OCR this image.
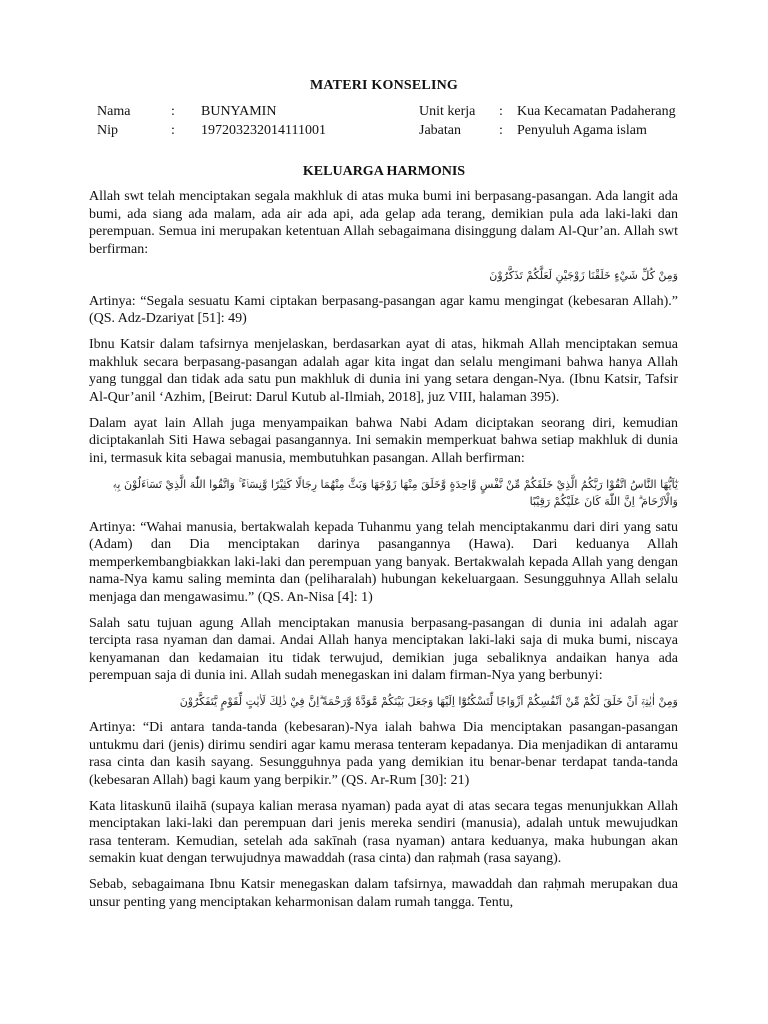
MATERI KONSELING
Nama	: BUNYAMIN	Unit kerja : Kua Kecamatan Padaherang
Nip	: 197203232014111001	Jabatan	: Penyuluh Agama islam
KELUARGA HARMONIS

Allah swt telah menciptakan segala makhluk di atas muka bumi ini berpasang-pasangan. Ada langit ada bumi, ada siang ada malam, ada air ada api, ada gelap ada terang, demikian pula ada laki-laki dan perempuan. Semua ini merupakan ketentuan Allah sebagaimana disinggung dalam Al-Qur’an. Allah swt berfirman:

وَمِنْ كُلِّ شَيْءٍ خَلَقْنَا زَوْجَيْنِ لَعَلَّكُمْ تَذَكَّرُوْنَ

Artinya: “Segala sesuatu Kami ciptakan berpasang-pasangan agar kamu mengingat (kebesaran Allah).” (QS. Adz-Dzariyat [51]: 49)

Ibnu Katsir dalam tafsirnya menjelaskan, berdasarkan ayat di atas, hikmah Allah menciptakan semua makhluk secara berpasang-pasangan adalah agar kita ingat dan selalu mengimani bahwa hanya Allah yang tunggal dan tidak ada satu pun makhluk di dunia ini yang setara dengan-Nya. (Ibnu Katsir, Tafsir Al-Qur’anil ‘Azhim, [Beirut: Darul Kutub al-Ilmiah, 2018], juz VIII, halaman 395).

Dalam ayat lain Allah juga menyampaikan bahwa Nabi Adam diciptakan seorang diri, kemudian diciptakanlah Siti Hawa sebagai pasangannya. Ini semakin memperkuat bahwa setiap makhluk di dunia ini, termasuk kita sebagai manusia, membutuhkan pasangan. Allah berfirman:

يٰٓاَيُّهَا النَّاسُ اتَّقُوْا رَبَّكُمُ الَّذِيْ خَلَقَكُمْ مِّنْ نَّفْسٍ وَّاحِدَةٍ وَّخَلَقَ مِنْهَا زَوْجَهَا وَبَثَّ مِنْهُمَا رِجَالًا كَثِيْرًا وَّنِسَاۤءً ۚ وَاتَّقُوا اللّٰهَ الَّذِيْ تَسَاۤءَلُوْنَ بِهٖ وَالْاَرْحَامَ ۗ اِنَّ اللّٰهَ كَانَ عَلَيْكُمْ رَقِيْبًا

Artinya: “Wahai manusia, bertakwalah kepada Tuhanmu yang telah menciptakanmu dari diri yang satu (Adam) dan Dia menciptakan darinya pasangannya (Hawa). Dari keduanya Allah memperkembangbiakkan laki-laki dan perempuan yang banyak. Bertakwalah kepada Allah yang dengan nama-Nya kamu saling meminta dan (peliharalah) hubungan kekeluargaan. Sesungguhnya Allah selalu menjaga dan mengawasimu.” (QS. An-Nisa [4]: 1)

Salah satu tujuan agung Allah menciptakan manusia berpasang-pasangan di dunia ini adalah agar tercipta rasa nyaman dan damai. Andai Allah hanya menciptakan laki-laki saja di muka bumi, niscaya kenyamanan dan kedamaian itu tidak terwujud, demikian juga sebaliknya andaikan hanya ada perempuan saja di dunia ini. Allah sudah menegaskan ini dalam firman-Nya yang berbunyi:

وَمِنْ اٰيٰتِهٖٓ اَنْ خَلَقَ لَكُمْ مِّنْ اَنْفُسِكُمْ اَزْوَاجًا لِّتَسْكُنُوْٓا اِلَيْهَا وَجَعَلَ بَيْنَكُمْ مَّوَدَّةً وَّرَحْمَةً ۗاِنَّ فِيْ ذٰلِكَ لَاٰيٰتٍ لِّقَوْمٍ يَّتَفَكَّرُوْنَ

Artinya: “Di antara tanda-tanda (kebesaran)-Nya ialah bahwa Dia menciptakan pasangan-pasangan untukmu dari (jenis) dirimu sendiri agar kamu merasa tenteram kepadanya. Dia menjadikan di antaramu rasa cinta dan kasih sayang. Sesungguhnya pada yang demikian itu benar-benar terdapat tanda-tanda (kebesaran Allah) bagi kaum yang berpikir.” (QS. Ar-Rum [30]: 21)

Kata litaskunū ilaihā (supaya kalian merasa nyaman) pada ayat di atas secara tegas menunjukkan Allah menciptakan laki-laki dan perempuan dari jenis mereka sendiri (manusia), adalah untuk mewujudkan rasa tenteram. Kemudian, setelah ada sakīnah (rasa nyaman) antara keduanya, maka hubungan akan semakin kuat dengan terwujudnya mawaddah (rasa cinta) dan raḥmah (rasa sayang).

Sebab, sebagaimana Ibnu Katsir menegaskan dalam tafsirnya, mawaddah dan raḥmah merupakan dua unsur penting yang menciptakan keharmonisan dalam rumah tangga. Tentu,
